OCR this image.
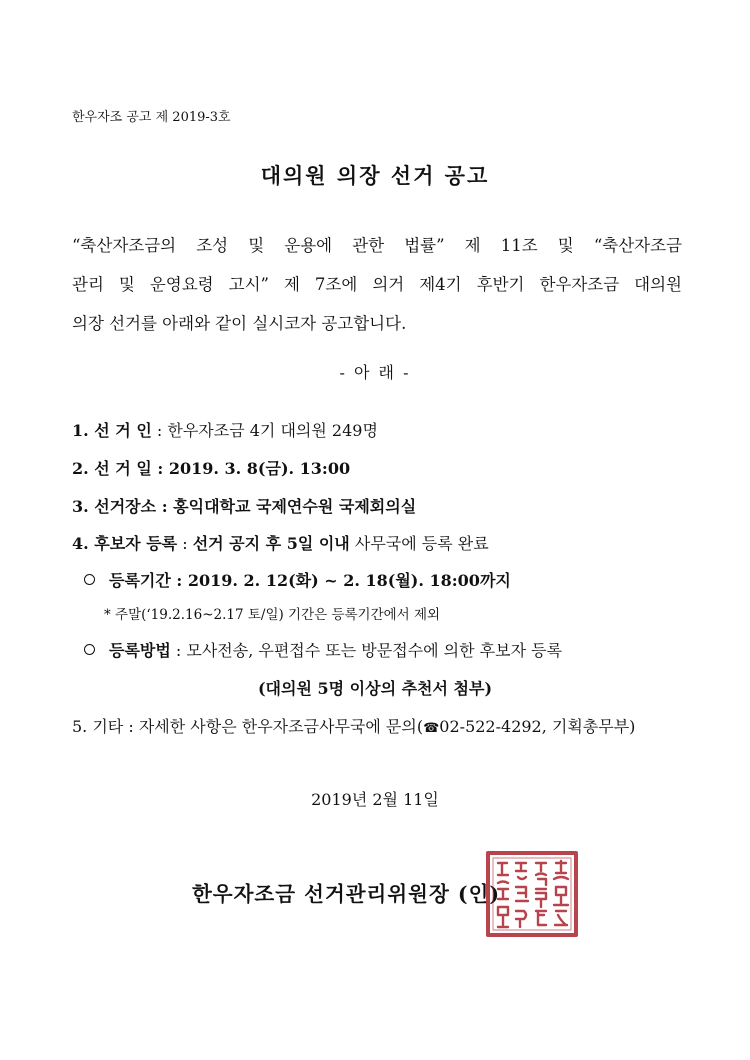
한우자조 공고 제 2019-3호
대의원 의장 선거 공고
“축산자조금의 조성 및 운용에 관한 법률” 제 11조 및 “축산자조금
관리 및 운영요령 고시” 제 7조에 의거 제4기 후반기 한우자조금 대의원
의장 선거를 아래와 같이 실시코자 공고합니다.
- 아 래 -
1. 선 거 인 : 한우자조금 4기 대의원 249명
2. 선 거 일 : 2019. 3. 8(금). 13:00
3. 선거장소 : 홍익대학교 국제연수원 국제회의실
4. 후보자 등록 : 선거 공지 후 5일 이내 사무국에 등록 완료
등록기간 : 2019. 2. 12(화) ~ 2. 18(월). 18:00까지
* 주말(‘19.2.16~2.17 토/일) 기간은 등록기간에서 제외
등록방법 : 모사전송, 우편접수 또는 방문접수에 의한 후보자 등록
(대의원 5명 이상의 추천서 첨부)
5. 기타 : 자세한 사항은 한우자조금사무국에 문의(☎02-522-4292, 기획총무부)
2019년 2월 11일
한우자조금 선거관리위원장 (인)
